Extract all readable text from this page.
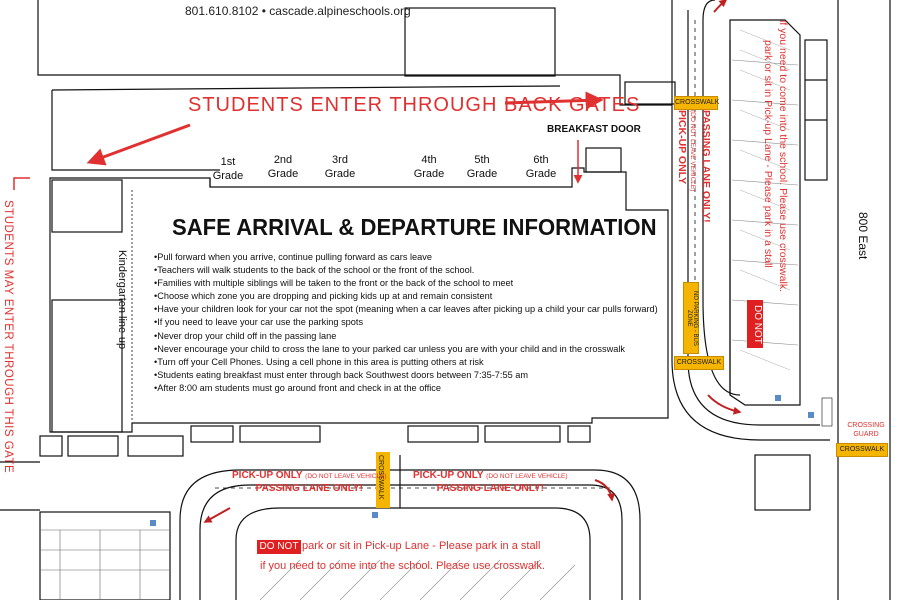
801.610.8102 • cascade.alpineschools.org
STUDENTS ENTER THROUGH BACK GATES
STUDENTS MAY ENTER THROUGH THIS GATE
BREAKFAST DOOR
1st
Grade
2nd
Grade
3rd
Grade
4th
Grade
5th
Grade
6th
Grade
Kindergarten line-up
SAFE ARRIVAL & DEPARTURE INFORMATION
•Pull forward when you arrive, continue pulling forward as cars leave
•Teachers will walk students to the back of the school or the front of the school.
•Families with multiple siblings will be taken to the front or the back of the school to meet
•Choose which zone you are dropping and picking kids up at and remain consistent
•Have your children look for your car not the spot (meaning when a car leaves after picking up a child your car pulls forward)
•If you need to leave your car use the parking spots
•Never drop your child off in the passing lane
•Never encourage your child to cross the lane to your parked car unless you are with your child and in the crosswalk
•Turn off your Cell Phones. Using a cell phone in this area is putting others at risk
•Students eating breakfast must enter through back Southwest doors between 7:35-7:55 am
•After 8:00 am students must go around front and check in at the office
800 East
CROSSWALK
CROSSWALK
CROSSWALK
NO PARKING - BUS ZONE
PICK-UP ONLY (DO NOT LEAVE VEHICLE) PASSING LANE ONLY!
DO NOT
park or sit in Pick-up Lane - Please park in a stall if you need to come into the school. Please use crosswalk.
CROSSING GUARD
PICK-UP ONLY (DO NOT LEAVE VEHICLE)
PASSING LANE ONLY!
PICK-UP ONLY (DO NOT LEAVE VEHICLE)
PASSING LANE ONLY!
CROSSWALK
DO NOT park or sit in Pick-up Lane - Please park in a stall
if you need to come into the school. Please use crosswalk.
